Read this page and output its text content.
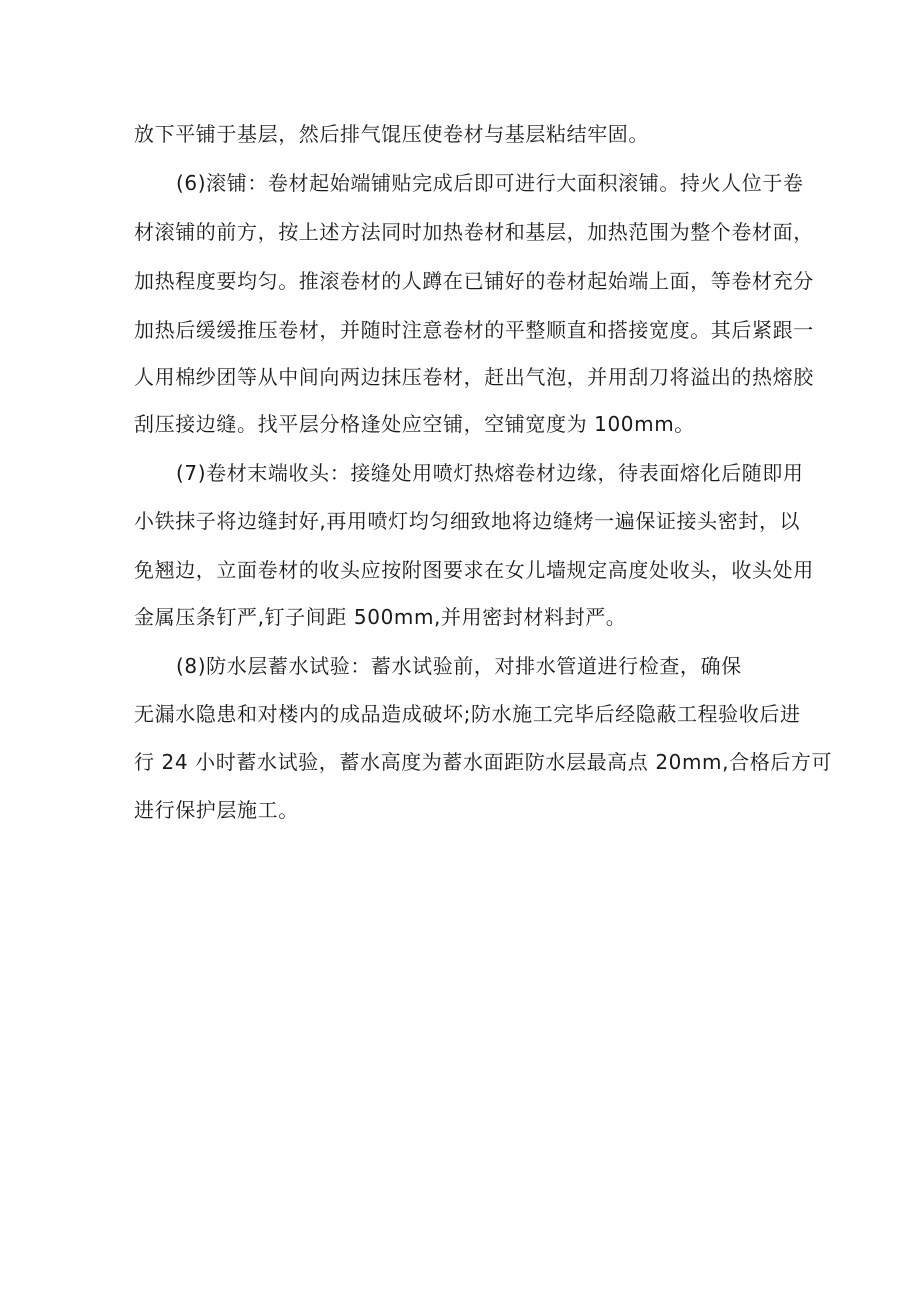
放下平铺于基层，然后排气馄压使卷材与基层粘结牢固。
(6)滚铺：卷材起始端铺贴完成后即可进行大面积滚铺。持火人位于卷
材滚铺的前方，按上述方法同时加热卷材和基层，加热范围为整个卷材面，
加热程度要均匀。推滚卷材的人蹲在已铺好的卷材起始端上面，等卷材充分
加热后缓缓推压卷材，并随时注意卷材的平整顺直和搭接宽度。其后紧跟一
人用棉纱团等从中间向两边抹压卷材，赶出气泡，并用刮刀将溢出的热熔胶
刮压接边缝。找平层分格逢处应空铺，空铺宽度为 100mm。
(7)卷材末端收头：接缝处用喷灯热熔卷材边缘，待表面熔化后随即用
小铁抹子将边缝封好,再用喷灯均匀细致地将边缝烤一遍保证接头密封，以
免翘边，立面卷材的收头应按附图要求在女儿墙规定高度处收头，收头处用
金属压条钉严,钉子间距 500mm,并用密封材料封严。
(8)防水层蓄水试验：蓄水试验前，对排水管道进行检查，确保
无漏水隐患和对楼内的成品造成破坏;防水施工完毕后经隐蔽工程验收后进
行 24 小时蓄水试验，蓄水高度为蓄水面距防水层最高点 20mm,合格后方可
进行保护层施工。
